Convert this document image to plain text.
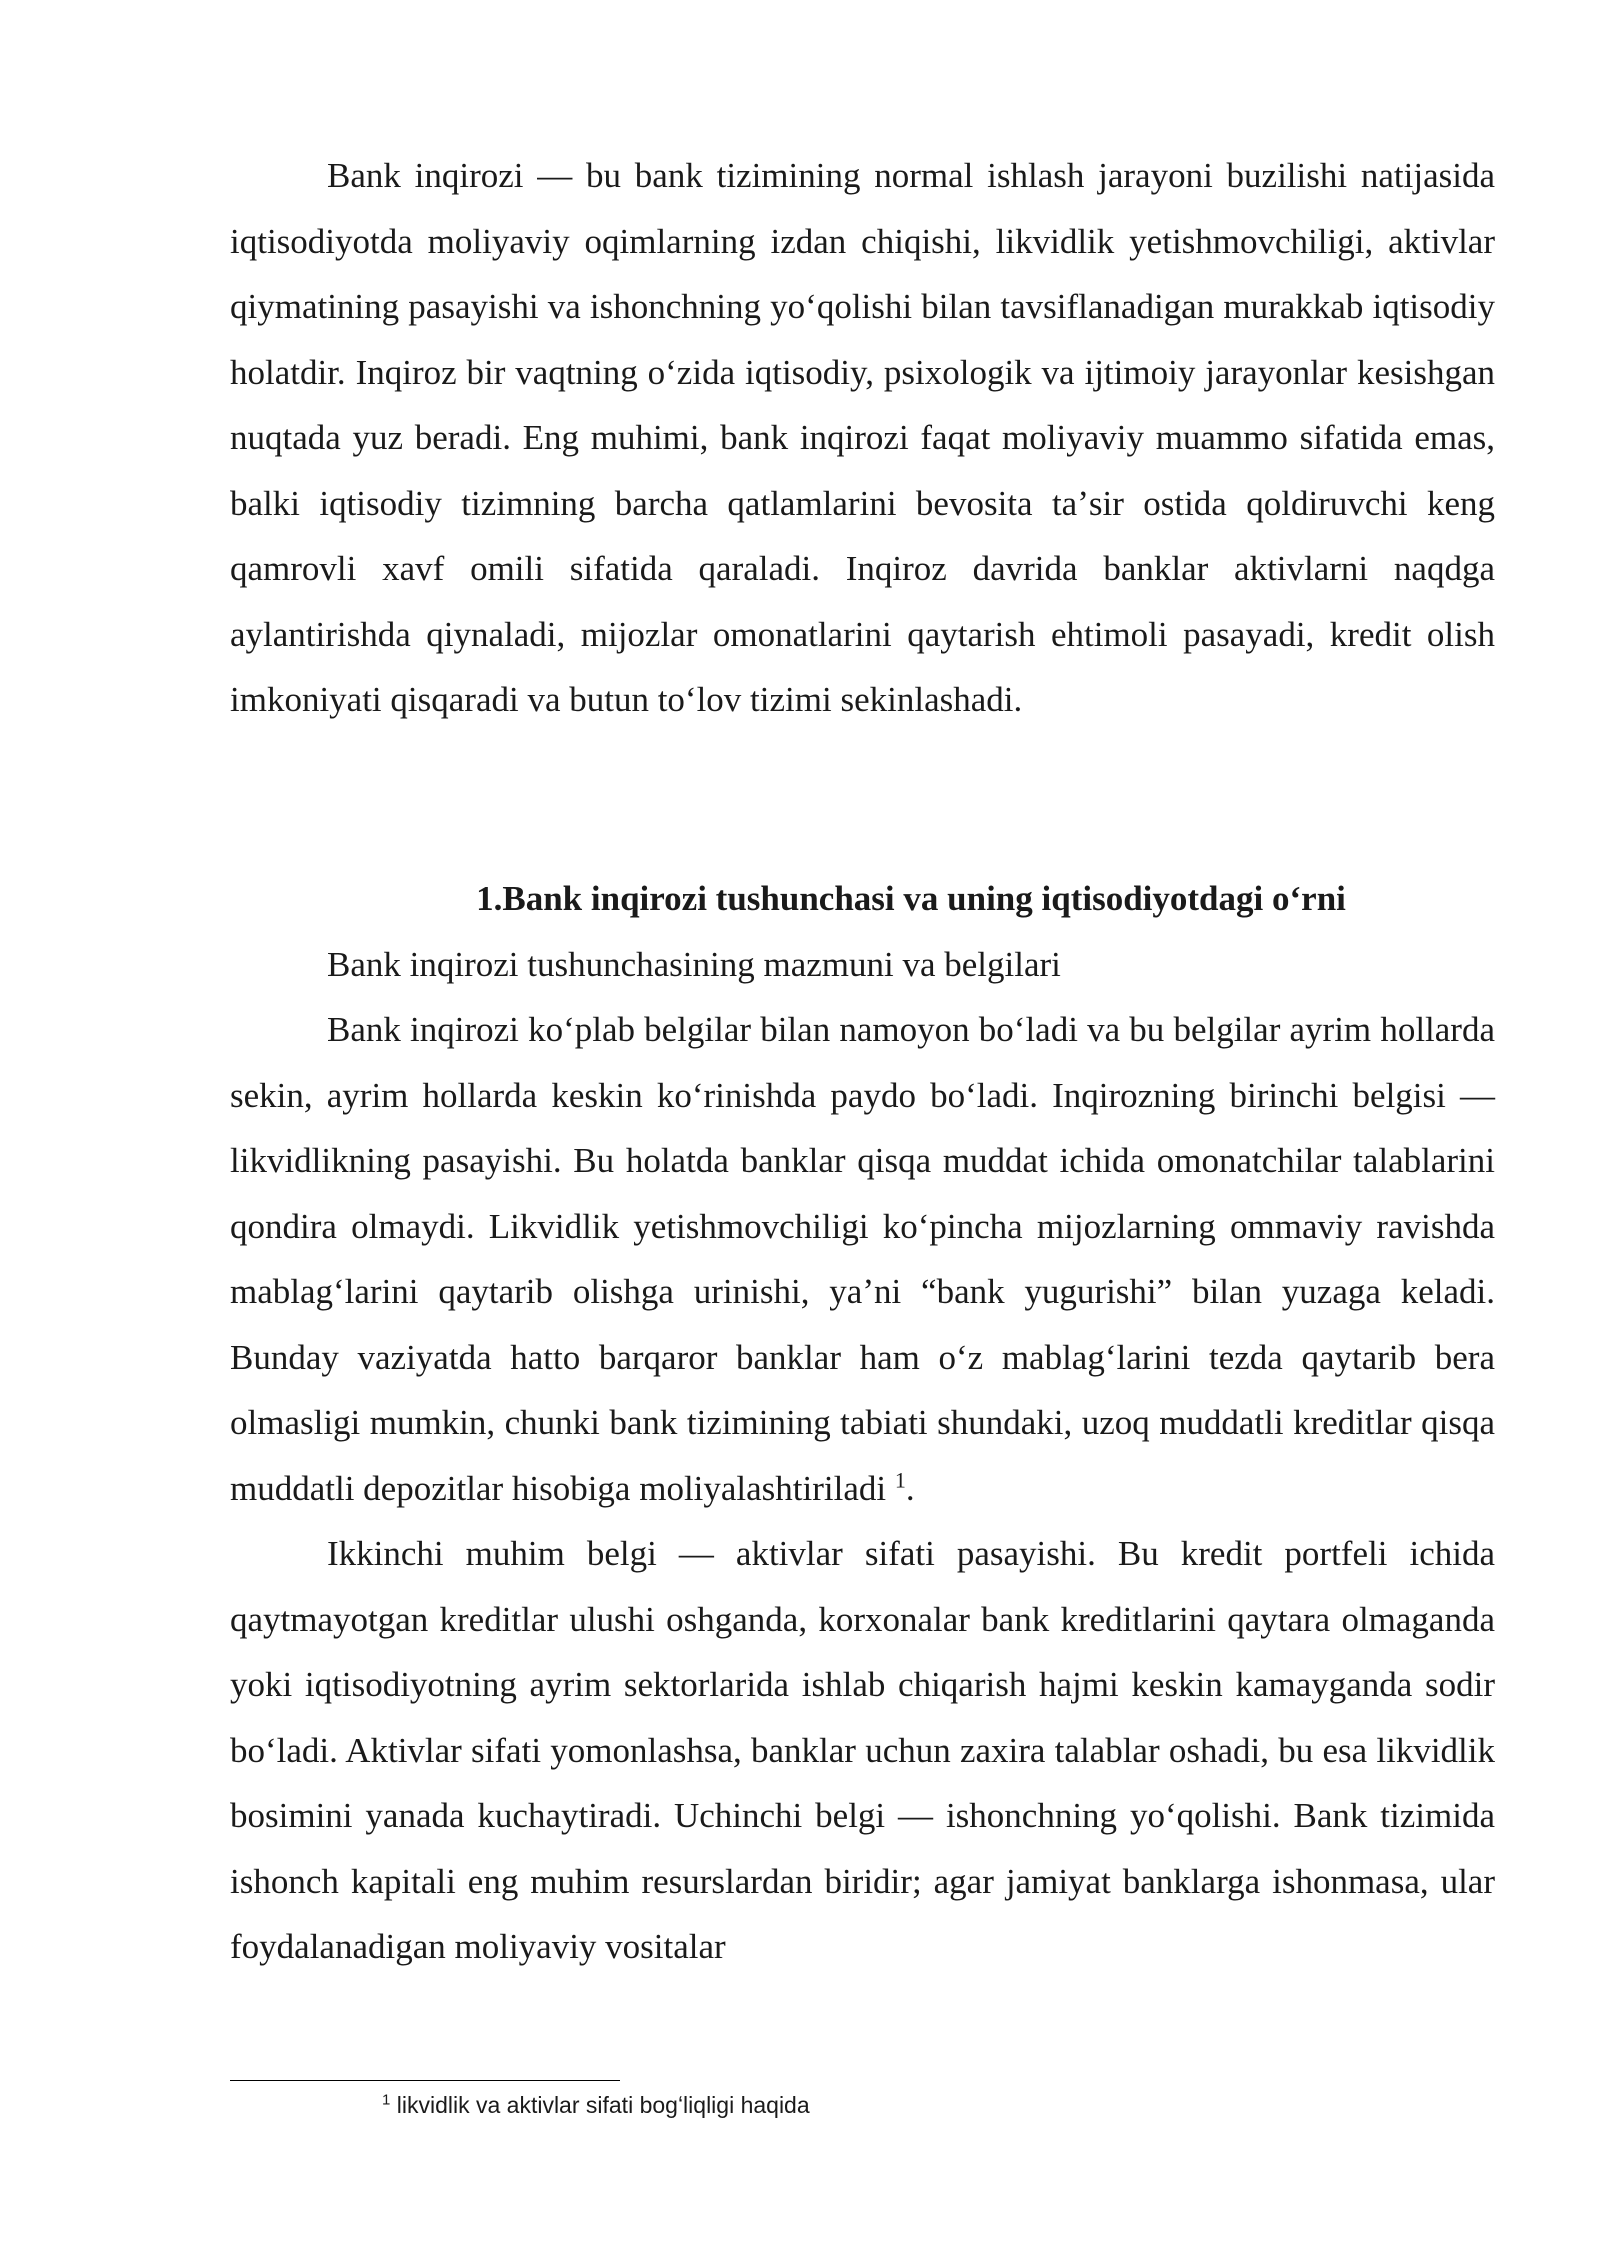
Bank inqirozi — bu bank tizimining normal ishlash jarayoni buzilishi natijasida iqtisodiyotda moliyaviy oqimlarning izdan chiqishi, likvidlik yetishmovchiligi, aktivlar qiymatining pasayishi va ishonchning yoʻqolishi bilan tavsiflanadigan murakkab iqtisodiy holatdir. Inqiroz bir vaqtning oʻzida iqtisodiy, psixologik va ijtimoiy jarayonlar kesishgan nuqtada yuz beradi. Eng muhimi, bank inqirozi faqat moliyaviy muammo sifatida emas, balki iqtisodiy tizimning barcha qatlamlarini bevosita taʼsir ostida qoldiruvchi keng qamrovli xavf omili sifatida qaraladi. Inqiroz davrida banklar aktivlarni naqdga aylantirishda qiynaladi, mijozlar omonatlarini qaytarish ehtimoli pasayadi, kredit olish imkoniyati qisqaradi va butun toʻlov tizimi sekinlashadi.

1.Bank inqirozi tushunchasi va uning iqtisodiyotdagi oʻrni

Bank inqirozi tushunchasining mazmuni va belgilari

Bank inqirozi koʻplab belgilar bilan namoyon boʻladi va bu belgilar ayrim hollarda sekin, ayrim hollarda keskin koʻrinishda paydo boʻladi. Inqirozning birinchi belgisi — likvidlikning pasayishi. Bu holatda banklar qisqa muddat ichida omonatchilar talablarini qondira olmaydi. Likvidlik yetishmovchiligi koʻpincha mijozlarning ommaviy ravishda mablagʻlarini qaytarib olishga urinishi, yaʼni “bank yugurishi” bilan yuzaga keladi. Bunday vaziyatda hatto barqaror banklar ham oʻz mablagʻlarini tezda qaytarib bera olmasligi mumkin, chunki bank tizimining tabiati shundaki, uzoq muddatli kreditlar qisqa muddatli depozitlar hisobiga moliyalashtiriladi $^1$.

Ikkinchi muhim belgi — aktivlar sifati pasayishi. Bu kredit portfeli ichida qaytmayotgan kreditlar ulushi oshganda, korxonalar bank kreditlarini qaytara olmaganda yoki iqtisodiyotning ayrim sektorlarida ishlab chiqarish hajmi keskin kamayganda sodir boʻladi. Aktivlar sifati yomonlashsa, banklar uchun zaxira talablar oshadi, bu esa likvidlik bosimini yanada kuchaytiradi. Uchinchi belgi — ishonchning yoʻqolishi. Bank tizimida ishonch kapitali eng muhim resurslardan biridir; agar jamiyat banklarga ishonmasa, ular foydalanadigan moliyaviy vositalar

$^1$ likvidlik va aktivlar sifati bogʻliqligi haqida
